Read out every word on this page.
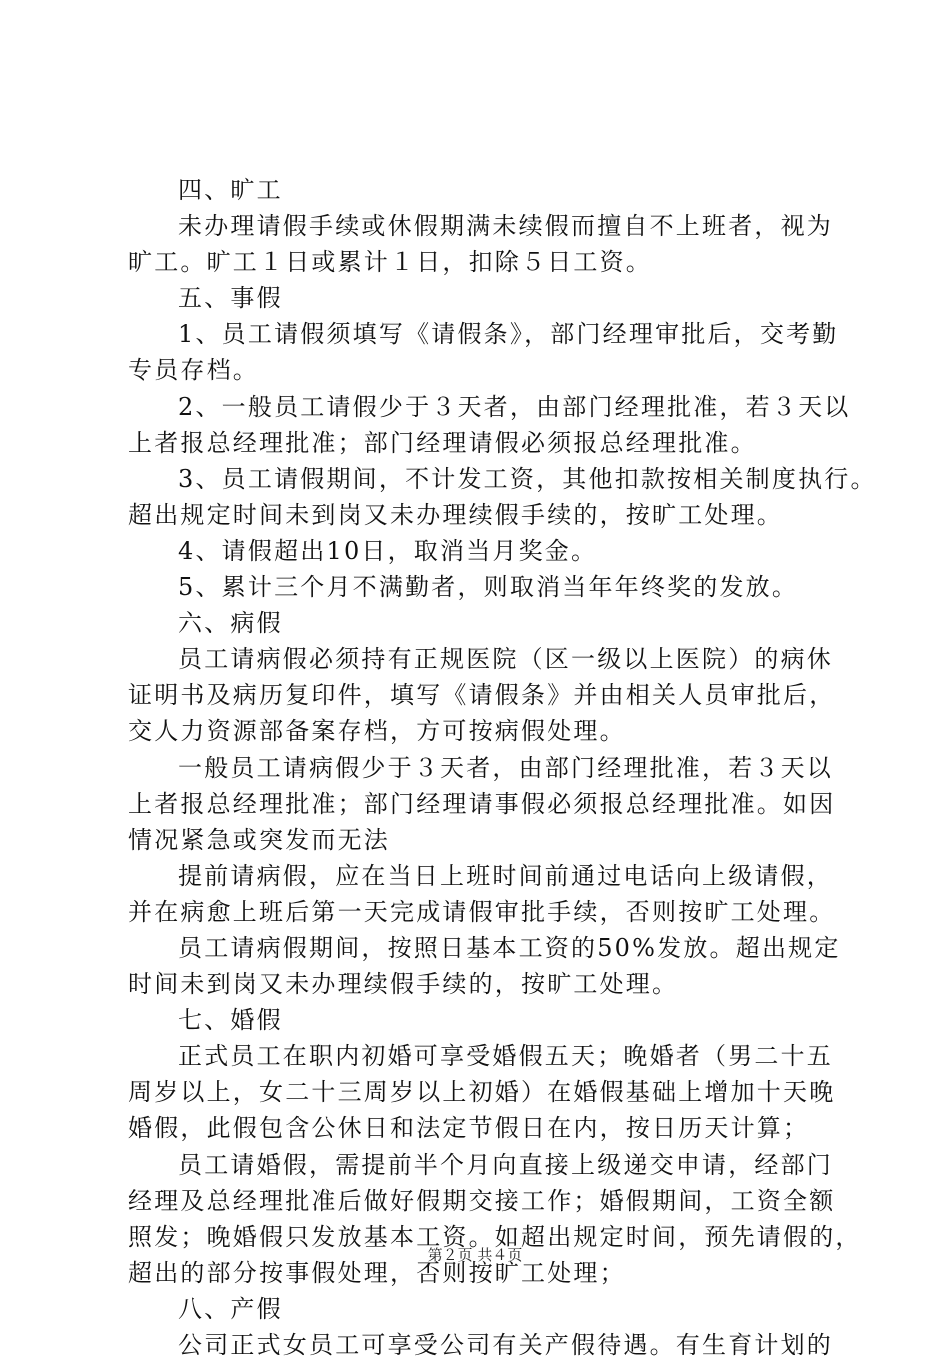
四、旷工
未办理请假手续或休假期满未续假而擅自不上班者，视为
旷工。旷工１日或累计１日，扣除５日工资。
五、事假
1、员工请假须填写《请假条》，部门经理审批后，交考勤
专员存档。
2、一般员工请假少于３天者，由部门经理批准，若３天以
上者报总经理批准；部门经理请假必须报总经理批准。
3、员工请假期间，不计发工资，其他扣款按相关制度执行。
超出规定时间未到岗又未办理续假手续的，按旷工处理。
4、请假超出10日，取消当月奖金。
5、累计三个月不满勤者，则取消当年年终奖的发放。
六、病假
员工请病假必须持有正规医院（区一级以上医院）的病休
证明书及病历复印件，填写《请假条》并由相关人员审批后，
交人力资源部备案存档，方可按病假处理。
一般员工请病假少于３天者，由部门经理批准，若３天以
上者报总经理批准；部门经理请事假必须报总经理批准。如因
情况紧急或突发而无法
提前请病假，应在当日上班时间前通过电话向上级请假，
并在病愈上班后第一天完成请假审批手续，否则按旷工处理。
员工请病假期间，按照日基本工资的50%发放。超出规定
时间未到岗又未办理续假手续的，按旷工处理。
七、婚假
正式员工在职内初婚可享受婚假五天；晚婚者（男二十五
周岁以上，女二十三周岁以上初婚）在婚假基础上增加十天晚
婚假，此假包含公休日和法定节假日在内，按日历天计算；
员工请婚假，需提前半个月向直接上级递交申请，经部门
经理及总经理批准后做好假期交接工作；婚假期间，工资全额
照发；晚婚假只发放基本工资。如超出规定时间，预先请假的，
超出的部分按事假处理，否则按旷工处理；
八、产假
公司正式女员工可享受公司有关产假待遇。有生育计划的
第２页 共４页
